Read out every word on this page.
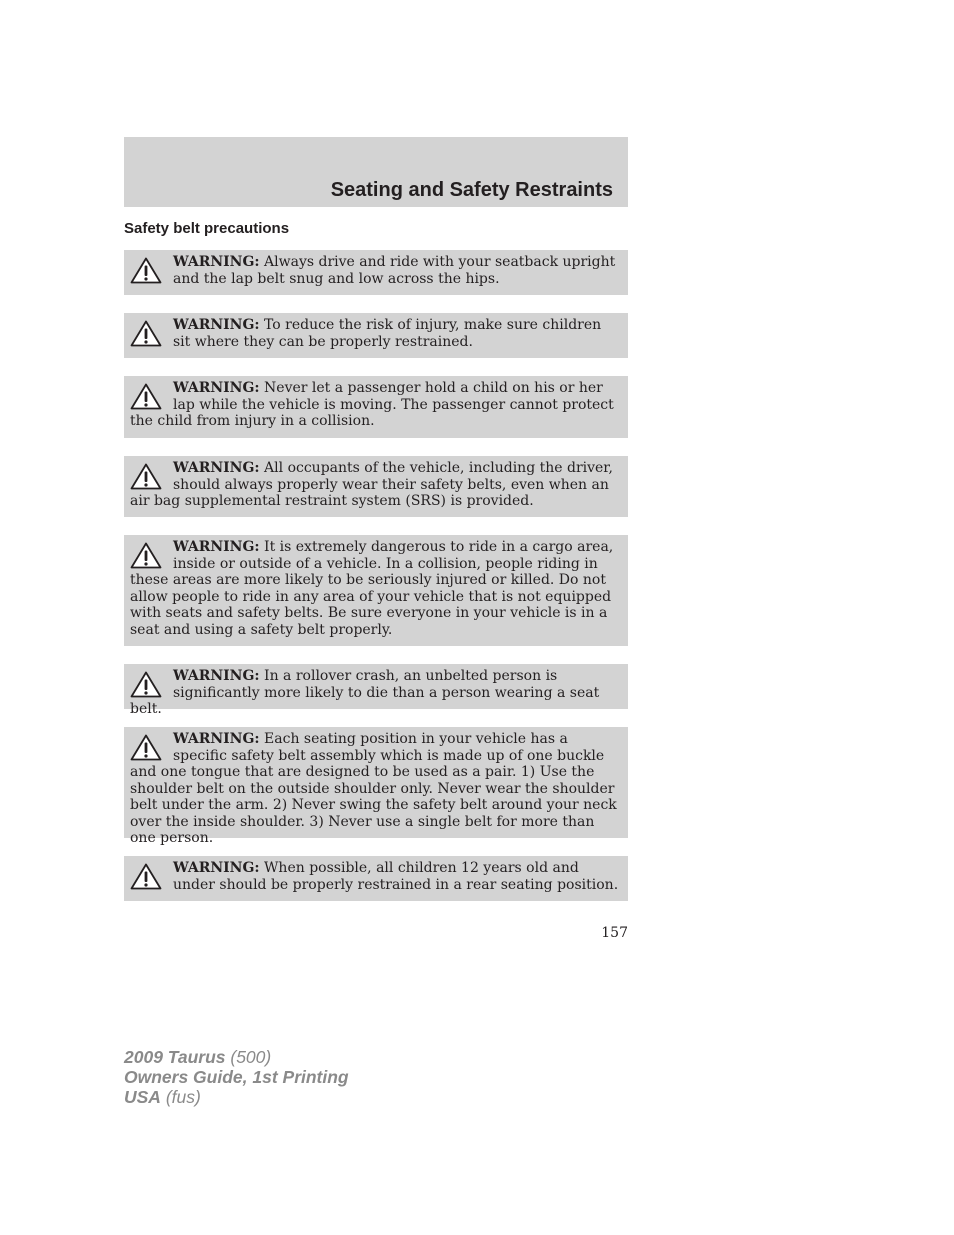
Seating and Safety Restraints
Safety belt precautions
WARNING: Always drive and ride with your seatback upright and the lap belt snug and low across the hips.
WARNING: To reduce the risk of injury, make sure children sit where they can be properly restrained.
WARNING: Never let a passenger hold a child on his or her lap while the vehicle is moving. The passenger cannot protect the child from injury in a collision.
WARNING: All occupants of the vehicle, including the driver, should always properly wear their safety belts, even when an air bag supplemental restraint system (SRS) is provided.
WARNING: It is extremely dangerous to ride in a cargo area, inside or outside of a vehicle. In a collision, people riding in these areas are more likely to be seriously injured or killed. Do not allow people to ride in any area of your vehicle that is not equipped with seats and safety belts. Be sure everyone in your vehicle is in a seat and using a safety belt properly.
WARNING: In a rollover crash, an unbelted person is significantly more likely to die than a person wearing a seat belt.
WARNING: Each seating position in your vehicle has a specific safety belt assembly which is made up of one buckle and one tongue that are designed to be used as a pair. 1) Use the shoulder belt on the outside shoulder only. Never wear the shoulder belt under the arm. 2) Never swing the safety belt around your neck over the inside shoulder. 3) Never use a single belt for more than one person.
WARNING: When possible, all children 12 years old and under should be properly restrained in a rear seating position.
157
2009 Taurus (500)
Owners Guide, 1st Printing
USA (fus)
